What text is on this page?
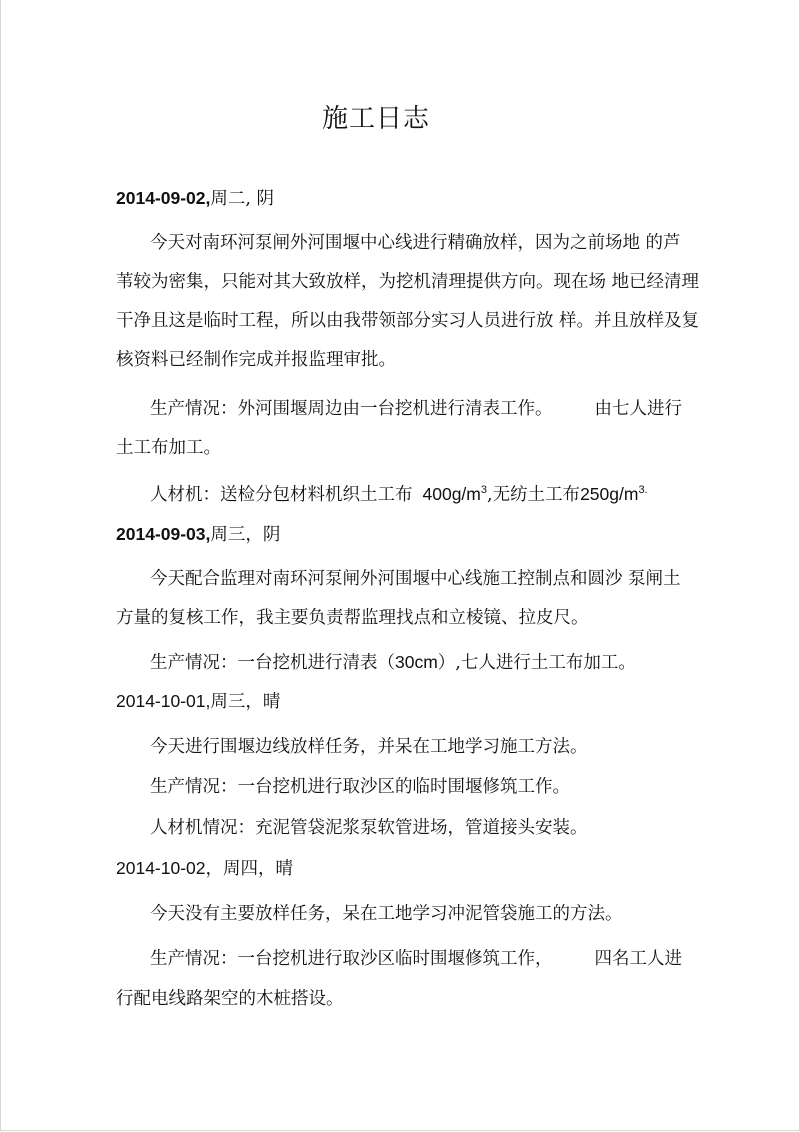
施工日志
2014-09-02,周二, 阴
今天对南环河泵闸外河围堰中心线进行精确放样，因为之前场地 的芦
苇较为密集，只能对其大致放样，为挖机清理提供方向。现在场 地已经清理
干净且这是临时工程，所以由我带领部分实习人员进行放 样。并且放样及复
核资料已经制作完成并报监理审批。
生产情况：外河围堰周边由一台挖机进行清表工作。 由七人进行
土工布加工。
人材机：送检分包材料机织土工布 $400g/m^3$,无纺土工布$250g/m^{3.}$
2014-09-03,周三，阴
今天配合监理对南环河泵闸外河围堰中心线施工控制点和圆沙 泵闸土
方量的复核工作，我主要负责帮监理找点和立棱镜、拉皮尺。
生产情况：一台挖机进行清表（30cm）,七人进行土工布加工。
2014-10-01,周三，晴
今天进行围堰边线放样任务，并呆在工地学习施工方法。
生产情况：一台挖机进行取沙区的临时围堰修筑工作。
人材机情况：充泥管袋泥浆泵软管进场，管道接头安装。
2014-10-02，周四，晴
今天没有主要放样任务，呆在工地学习冲泥管袋施工的方法。
生产情况：一台挖机进行取沙区临时围堰修筑工作， 四名工人进
行配电线路架空的木桩搭设。
